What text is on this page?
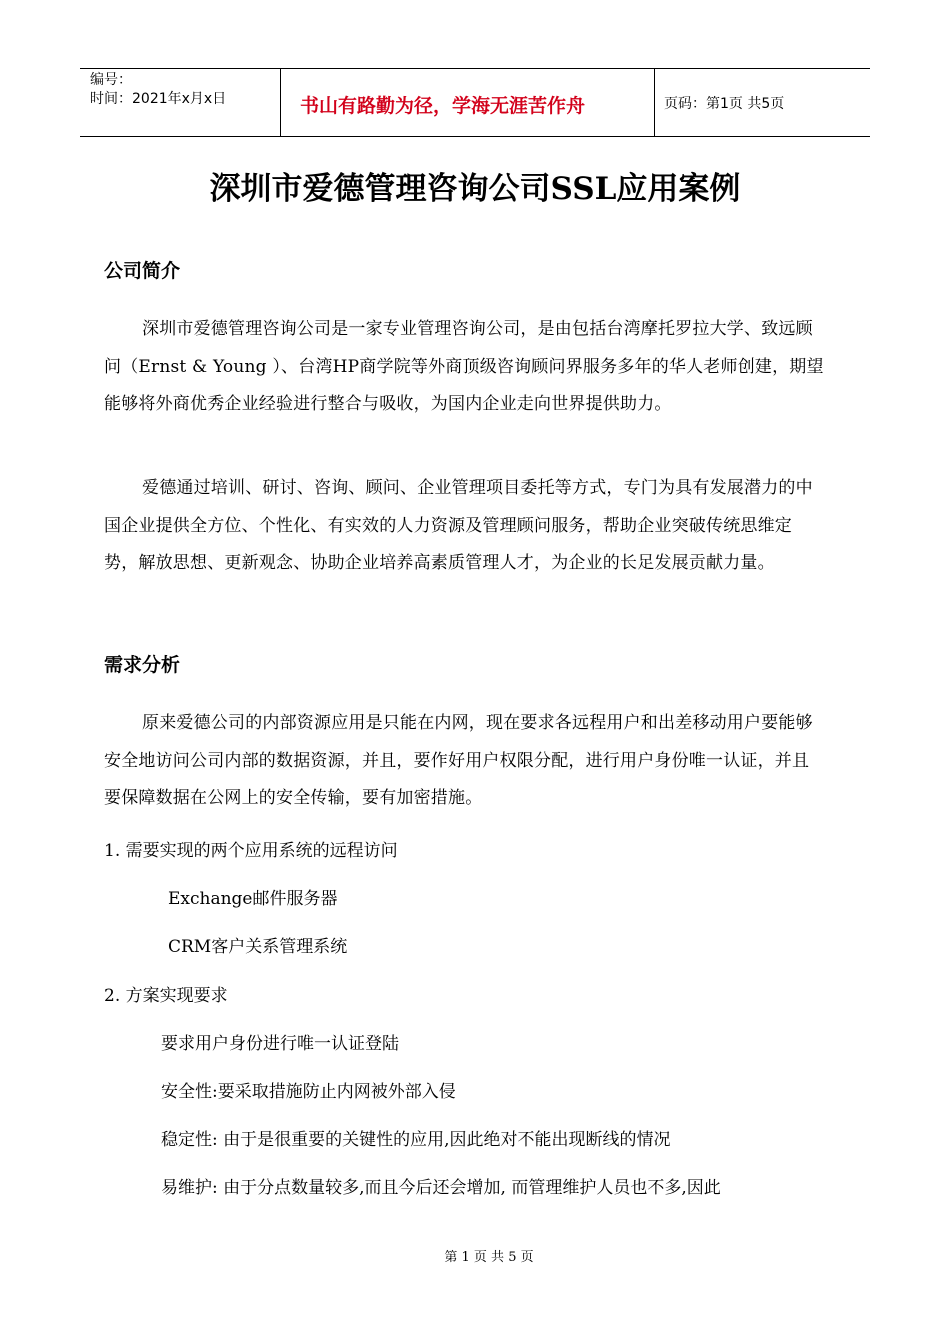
编号：
时间：2021年x月x日	书山有路勤为径，学海无涯苦作舟	页码：第1页 共5页
深圳市爱德管理咨询公司SSL应用案例
公司简介
深圳市爱德管理咨询公司是一家专业管理咨询公司，是由包括台湾摩托罗拉大学、致远顾问（Ernst & Young ）、台湾HP商学院等外商顶级咨询顾问界服务多年的华人老师创建，期望能够将外商优秀企业经验进行整合与吸收，为国内企业走向世界提供助力。
爱德通过培训、研讨、咨询、顾问、企业管理项目委托等方式，专门为具有发展潜力的中国企业提供全方位、个性化、有实效的人力资源及管理顾问服务，帮助企业突破传统思维定势，解放思想、更新观念、协助企业培养高素质管理人才，为企业的长足发展贡献力量。
需求分析
原来爱德公司的内部资源应用是只能在内网，现在要求各远程用户和出差移动用户要能够安全地访问公司内部的数据资源，并且，要作好用户权限分配，进行用户身份唯一认证，并且要保障数据在公网上的安全传输，要有加密措施。
1. 需要实现的两个应用系统的远程访问
Exchange邮件服务器
CRM客户关系管理系统
2. 方案实现要求
要求用户身份进行唯一认证登陆
安全性:要采取措施防止内网被外部入侵
稳定性: 由于是很重要的关键性的应用,因此绝对不能出现断线的情况
易维护: 由于分点数量较多,而且今后还会增加, 而管理维护人员也不多,因此
第 1 页 共 5 页
